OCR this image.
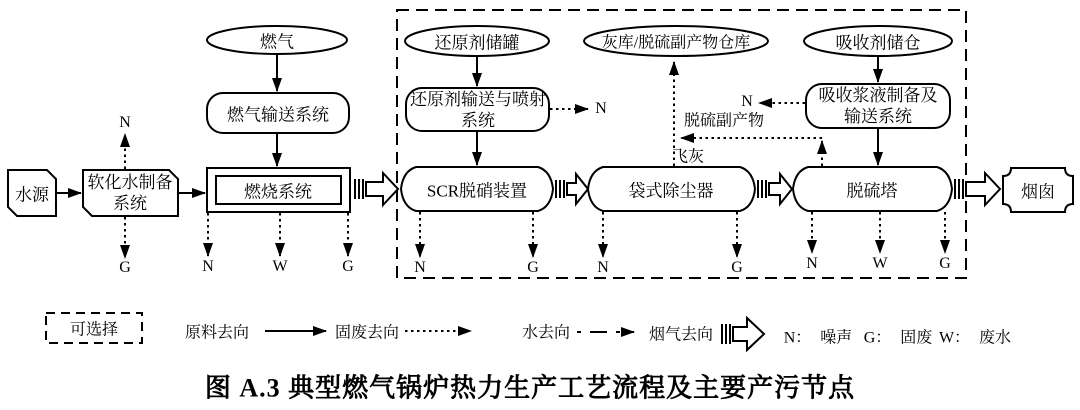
燃气
燃气输送系统
水源
软化水制备
系统
燃烧系统
还原剂储罐
还原剂输送与喷射
系统
SCR脱硝装置
灰库/脱硫副产物仓库
袋式除尘器
吸收剂储仓
吸收浆液制备及
输送系统
脱硫塔	烟囱
飞灰
脱硫副产物
N
G	N	W	G
N
N	G	N	G
N
N	W	G
可选择	原料去向	固废去向	水去向	烟气去向	N： 噪声 G： 固废 W： 废水
图 A.3 典型燃气锅炉热力生产工艺流程及主要产污节点
